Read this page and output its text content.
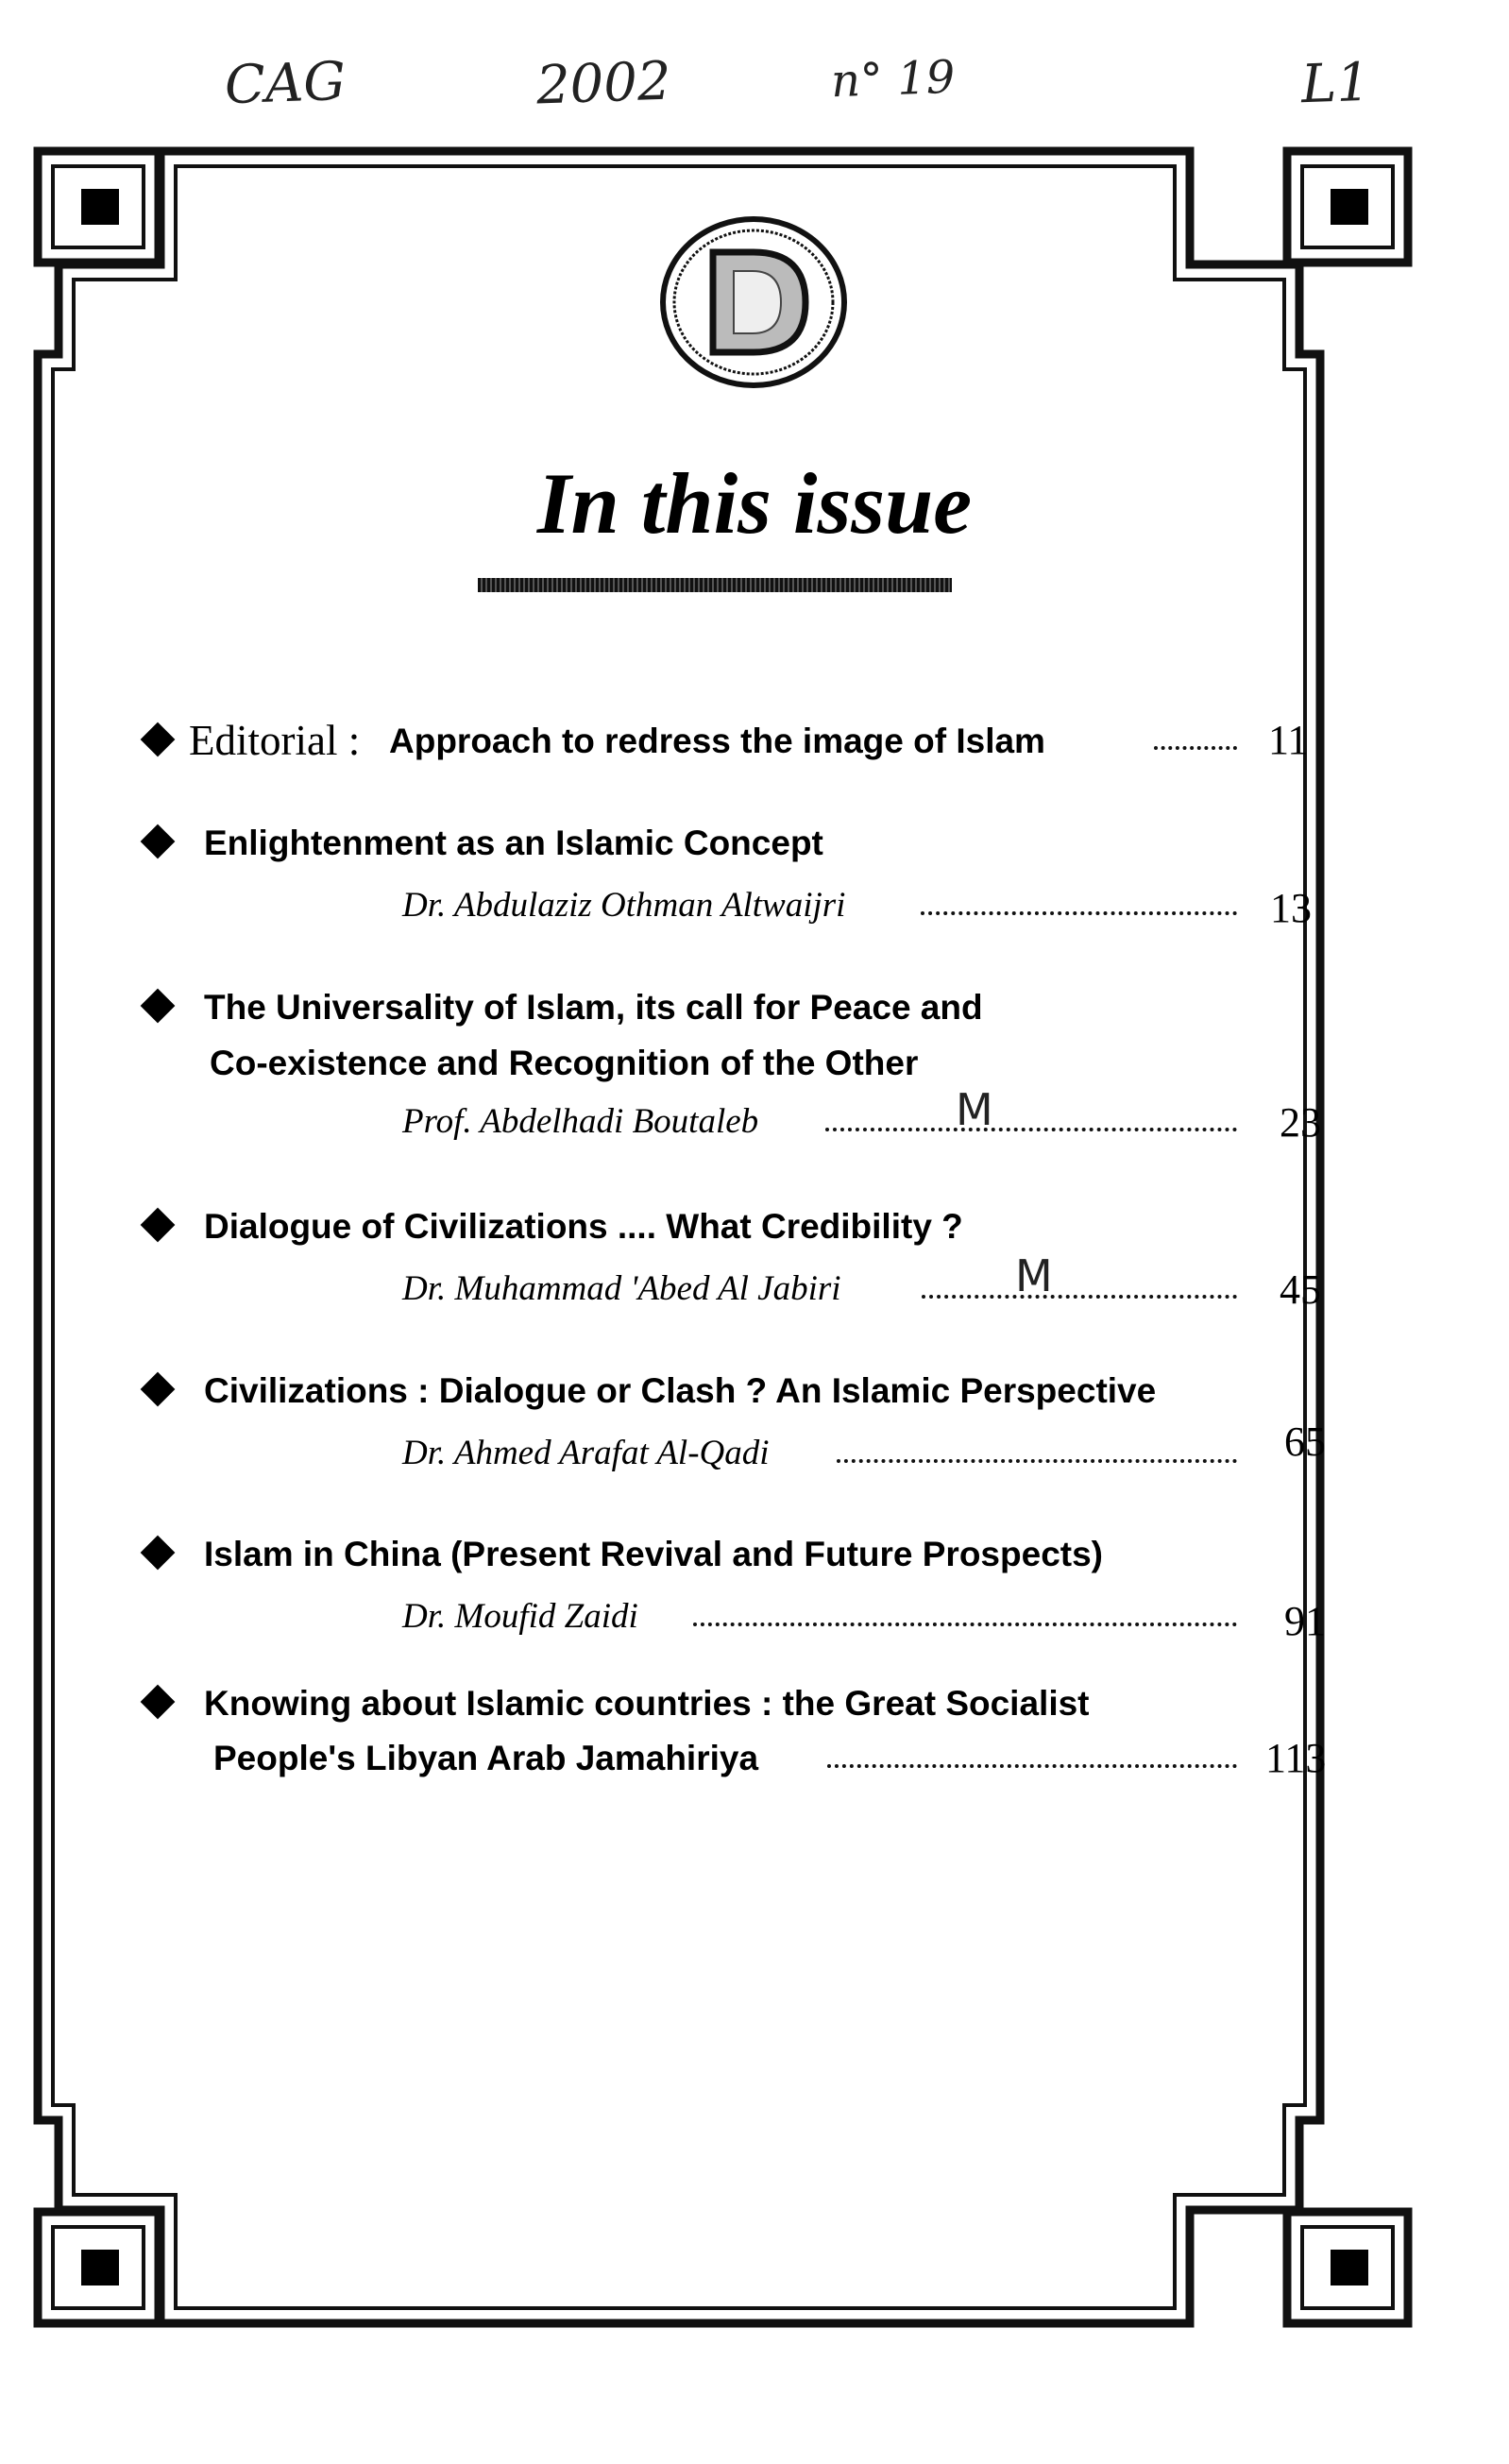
CAG	2002	n° 19	L1
In this issue
Editorial : Approach to redress the image of Islam	11
Enlightenment as an Islamic Concept
Dr. Abdulaziz Othman Altwaijri	13
The Universality of Islam, its call for Peace and
Co-existence and Recognition of the Other
Prof. Abdelhadi Boutaleb	M	23
Dialogue of Civilizations .... What Credibility ?
Dr. Muhammad 'Abed Al Jabiri	M	45
Civilizations : Dialogue or Clash ? An Islamic Perspective
Dr. Ahmed Arafat Al-Qadi	65
Islam in China (Present Revival and Future Prospects)
Dr. Moufid Zaidi	91
Knowing about Islamic countries : the Great Socialist
People's Libyan Arab Jamahiriya	113
